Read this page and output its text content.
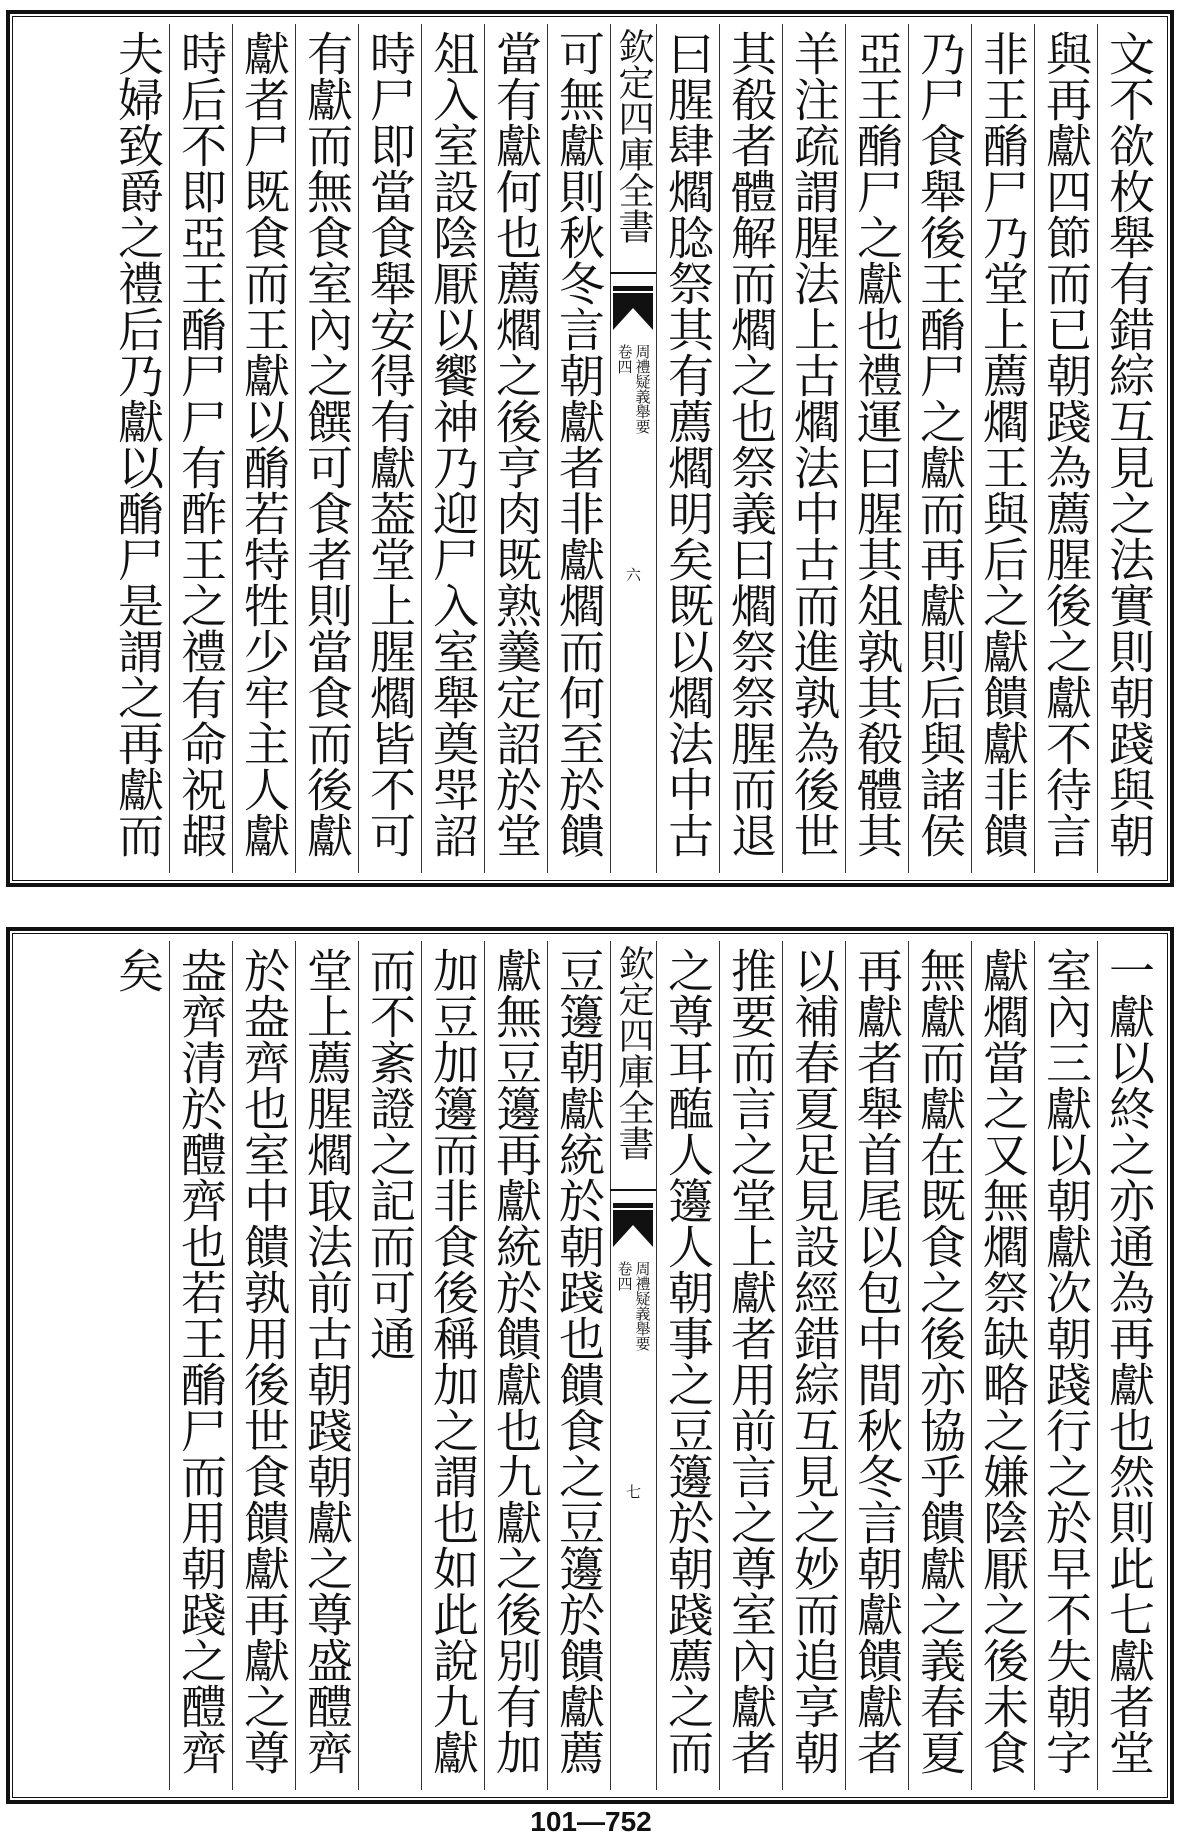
文不欲枚舉有錯綜互見之法實則朝踐與朝
與再獻四節而已朝踐為薦腥後之獻不待言
非王酳尸乃堂上薦爓王與后之獻饋獻非饋
乃尸食舉後王酳尸之獻而再獻則后與諸侯
亞王酳尸之獻也禮運曰腥其俎孰其殽體其
羊注疏謂腥法上古爓法中古而進孰為後世
其殽者體解而爓之也祭義曰爓祭祭腥而退
曰腥肆爓腍祭其有薦爓明矣既以爓法中古
欽定四庫全書
周禮疑義舉要
卷四
六
可無獻則秋冬言朝獻者非獻爓而何至於饋
當有獻何也薦爓之後亨肉既熟羹定詔於堂
俎入室設陰厭以饗神乃迎尸入室舉奠斝詔
時尸即當食舉安得有獻葢堂上腥爓皆不可
有獻而無食室內之饌可食者則當食而後獻
獻者尸既食而王獻以酳若特牲少牢主人獻
時后不即亞王酳尸尸有酢王之禮有命祝嘏
夫婦致爵之禮后乃獻以酳尸是謂之再獻而
一獻以終之亦通為再獻也然則此七獻者堂
室內三獻以朝獻次朝踐行之於早不失朝字
獻爓當之又無爓祭缺略之嫌陰厭之後未食
無獻而獻在既食之後亦協乎饋獻之義春夏
再獻者舉首尾以包中間秋冬言朝獻饋獻者
以補春夏足見設經錯綜互見之妙而追享朝
推要而言之堂上獻者用前言之尊室內獻者
之尊耳醢人籩人朝事之豆籩於朝踐薦之而
欽定四庫全書
周禮疑義舉要
卷四
七
豆籩朝獻統於朝踐也饋食之豆籩於饋獻薦
獻無豆籩再獻統於饋獻也九獻之後別有加
加豆加籩而非食後稱加之謂也如此說九獻
而不紊證之記而可通
堂上薦腥爓取法前古朝踐朝獻之尊盛醴齊
於盎齊也室中饋孰用後世食饋獻再獻之尊
盎齊清於醴齊也若王酳尸而用朝踐之醴齊
矣
101—752
